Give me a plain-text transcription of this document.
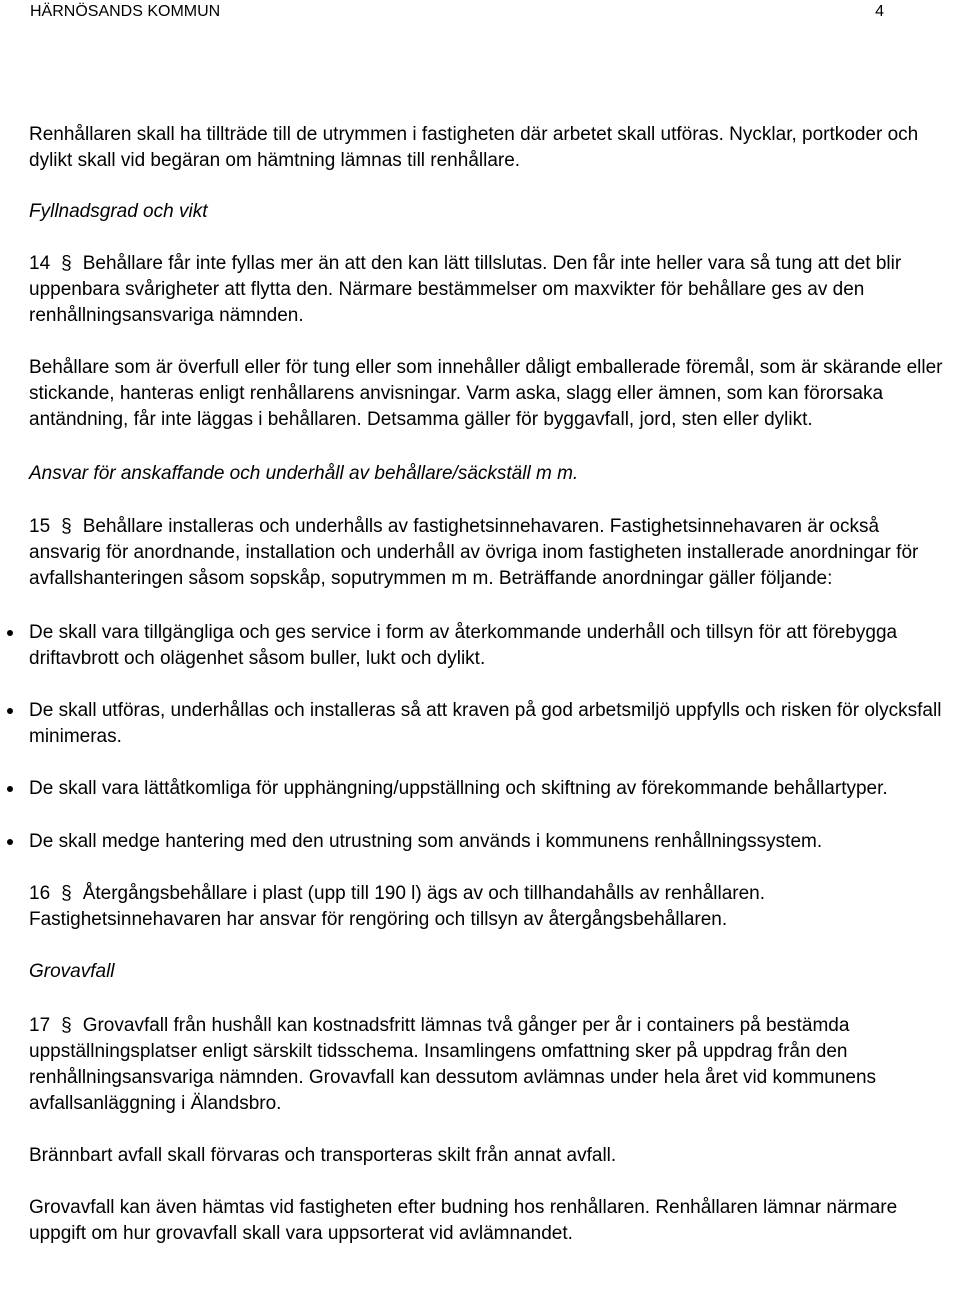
HÄRNÖSANDS KOMMUN	4

Renhållaren skall ha tillträde till de utrymmen i fastigheten där arbetet skall utföras. Nycklar, portkoder och dylikt skall vid begäran om hämtning lämnas till renhållare.

Fyllnadsgrad och vikt

14 § Behållare får inte fyllas mer än att den kan lätt tillslutas. Den får inte heller vara så tung att det blir uppenbara svårigheter att flytta den. Närmare bestämmelser om maxvikter för behållare ges av den renhållningsansvariga nämnden.

Behållare som är överfull eller för tung eller som innehåller dåligt emballerade föremål, som är skärande eller stickande, hanteras enligt renhållarens anvisningar. Varm aska, slagg eller ämnen, som kan förorsaka antändning, får inte läggas i behållaren. Detsamma gäller för byggavfall, jord, sten eller dylikt.

Ansvar för anskaffande och underhåll av behållare/säckställ m m.

15 § Behållare installeras och underhålls av fastighetsinnehavaren. Fastighetsinnehavaren är också ansvarig för anordnande, installation och underhåll av övriga inom fastigheten installerade anordningar för avfallshanteringen såsom sopskåp, soputrymmen m m. Beträffande anordningar gäller följande:

De skall vara tillgängliga och ges service i form av återkommande underhåll och tillsyn för att förebygga driftavbrott och olägenhet såsom buller, lukt och dylikt.
De skall utföras, underhållas och installeras så att kraven på god arbetsmiljö uppfylls och risken för olycksfall minimeras.
De skall vara lättåtkomliga för upphängning/uppställning och skiftning av förekommande behållartyper.
De skall medge hantering med den utrustning som används i kommunens renhållningssystem.

16 § Återgångsbehållare i plast (upp till 190 l) ägs av och tillhandahålls av renhållaren. Fastighetsinnehavaren har ansvar för rengöring och tillsyn av återgångsbehållaren.

Grovavfall

17 § Grovavfall från hushåll kan kostnadsfritt lämnas två gånger per år i containers på bestämda uppställningsplatser enligt särskilt tidsschema. Insamlingens omfattning sker på uppdrag från den renhållningsansvariga nämnden. Grovavfall kan dessutom avlämnas under hela året vid kommunens avfallsanläggning i Älandsbro.

Brännbart avfall skall förvaras och transporteras skilt från annat avfall.

Grovavfall kan även hämtas vid fastigheten efter budning hos renhållaren. Renhållaren lämnar närmare uppgift om hur grovavfall skall vara uppsorterat vid avlämnandet.
